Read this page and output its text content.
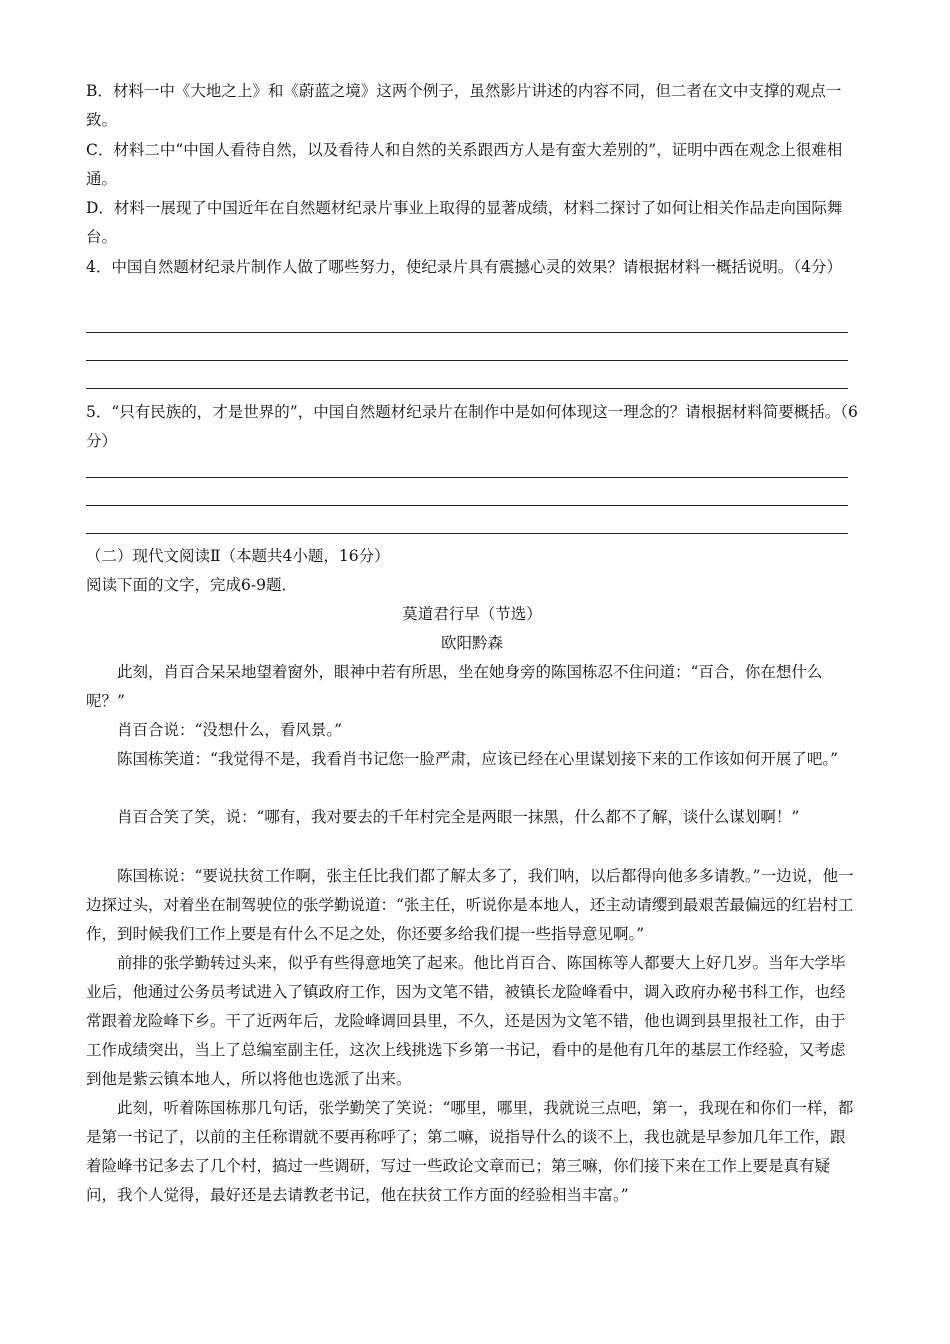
B．材料一中《大地之上》和《蔚蓝之境》这两个例子，虽然影片讲述的内容不同，但二者在文中支撑的观点一致。

C．材料二中“中国人看待自然，以及看待人和自然的关系跟西方人是有蛮大差别的”，证明中西在观念上很难相通。

D．材料一展现了中国近年在自然题材纪录片事业上取得的显著成绩，材料二探讨了如何让相关作品走向国际舞台。

4．中国自然题材纪录片制作人做了哪些努力，使纪录片具有震撼心灵的效果？请根据材料一概括说明。（4分）

5．“只有民族的，才是世界的”，中国自然题材纪录片在制作中是如何体现这一理念的？请根据材料简要概括。（6分）

（二）现代文阅读Ⅱ（本题共4小题，16分）

阅读下面的文字，完成6-9题．

莫道君行早（节选）

欧阳黔森

此刻，肖百合呆呆地望着窗外，眼神中若有所思，坐在她身旁的陈国栋忍不住问道：“百合，你在想什么呢？”

肖百合说：“没想什么，看风景。”

陈国栋笑道：“我觉得不是，我看肖书记您一脸严肃，应该已经在心里谋划接下来的工作该如何开展了吧。”

肖百合笑了笑，说：“哪有，我对要去的千年村完全是两眼一抹黑，什么都不了解，谈什么谋划啊！”

陈国栋说：“要说扶贫工作啊，张主任比我们都了解太多了，我们呐，以后都得向他多多请教。”一边说，他一边探过头，对着坐在制驾驶位的张学勤说道：“张主任，听说你是本地人，还主动请缨到最艰苦最偏远的红岩村工作，到时候我们工作上要是有什么不足之处，你还要多给我们提一些指导意见啊。”

前排的张学勤转过头来，似乎有些得意地笑了起来。他比肖百合、陈国栋等人都要大上好几岁。当年大学毕业后，他通过公务员考试进入了镇政府工作，因为文笔不错，被镇长龙险峰看中，调入政府办秘书科工作，也经常跟着龙险峰下乡。干了近两年后，龙险峰调回县里，不久，还是因为文笔不错，他也调到县里报社工作，由于工作成绩突出，当上了总编室副主任，这次上线挑选下乡第一书记，看中的是他有几年的基层工作经验，又考虑到他是紫云镇本地人，所以将他也选派了出来。

此刻，听着陈国栋那几句话，张学勤笑了笑说：“哪里，哪里，我就说三点吧，第一，我现在和你们一样，都是第一书记了，以前的主任称谓就不要再称呼了；第二嘛，说指导什么的谈不上，我也就是早参加几年工作，跟着险峰书记多去了几个村，搞过一些调研，写过一些政论文章而已；第三嘛，你们接下来在工作上要是真有疑问，我个人觉得，最好还是去请教老书记，他在扶贫工作方面的经验相当丰富。”
